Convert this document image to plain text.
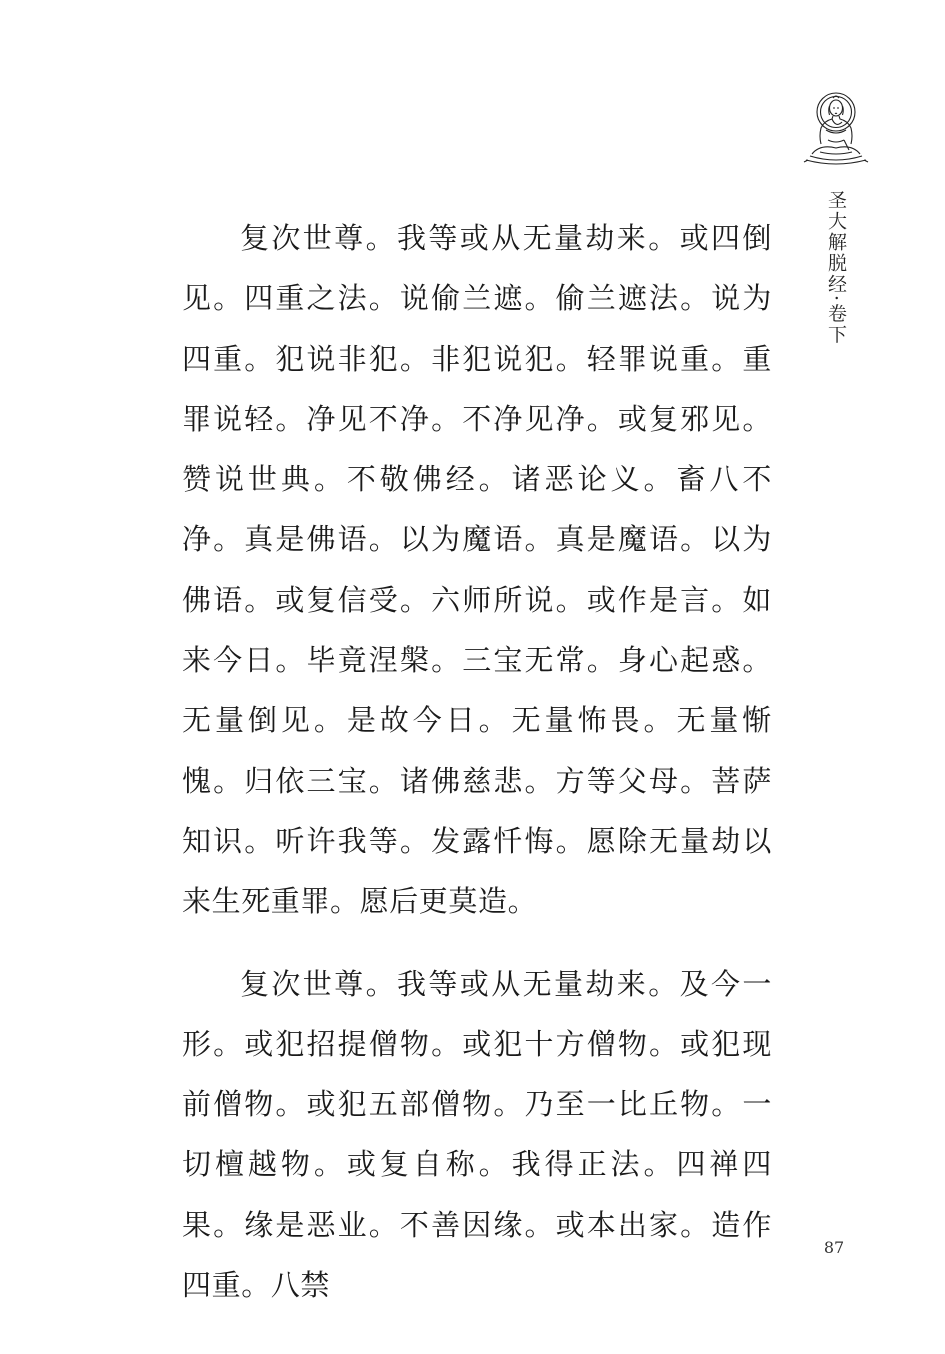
圣大解脱经·卷下

复次世尊。我等或从无量劫来。或四倒见。四重之法。说偷兰遮。偷兰遮法。说为四重。犯说非犯。非犯说犯。轻罪说重。重罪说轻。净见不净。不净见净。或复邪见。赞说世典。不敬佛经。诸恶论义。畜八不净。真是佛语。以为魔语。真是魔语。以为佛语。或复信受。六师所说。或作是言。如来今日。毕竟涅槃。三宝无常。身心起惑。无量倒见。是故今日。无量怖畏。无量惭愧。归依三宝。诸佛慈悲。方等父母。菩萨知识。听许我等。发露忏悔。愿除无量劫以来生死重罪。愿后更莫造。

复次世尊。我等或从无量劫来。及今一形。或犯招提僧物。或犯十方僧物。或犯现前僧物。或犯五部僧物。乃至一比丘物。一切檀越物。或复自称。我得正法。四禅四果。缘是恶业。不善因缘。或本出家。造作四重。八禁

87
